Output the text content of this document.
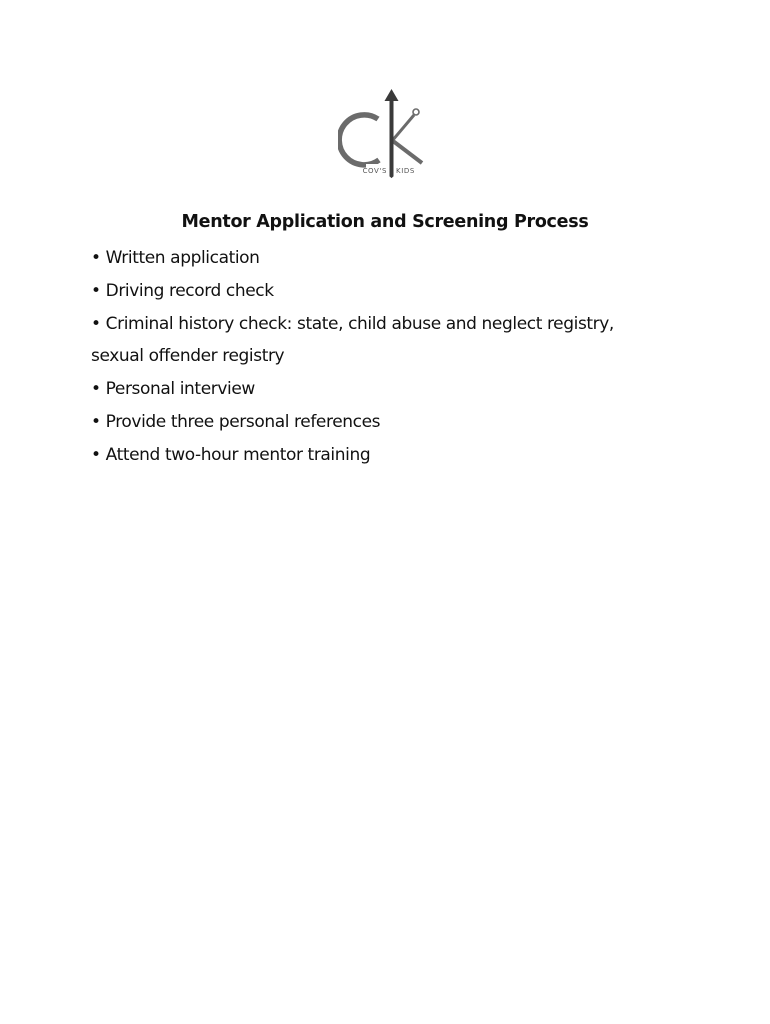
COV'S KIDS
Mentor Application and Screening Process
• Written application
• Driving record check
• Criminal history check: state, child abuse and neglect registry, sexual offender registry
• Personal interview
• Provide three personal references
• Attend two-hour mentor training
